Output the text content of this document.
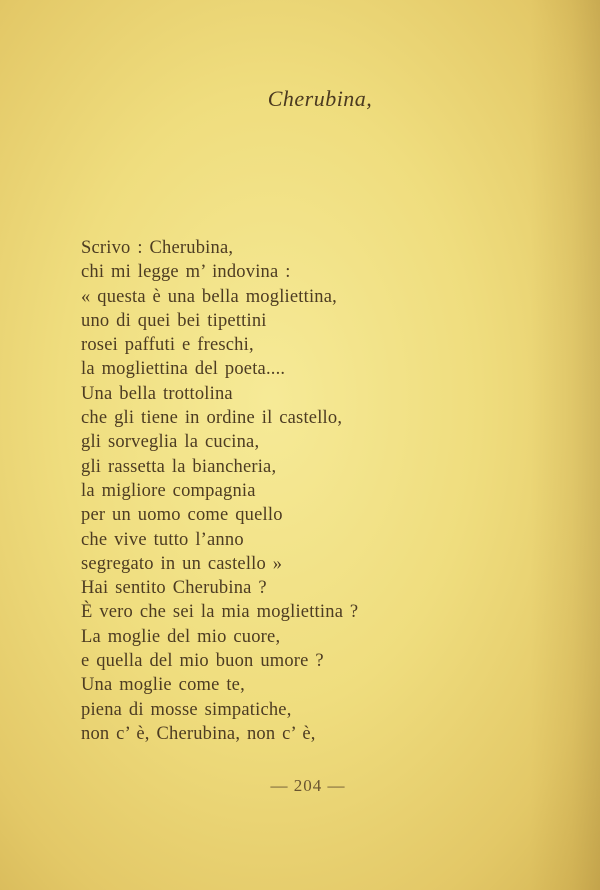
Cherubina,
Scrivo : Cherubina,
chi mi legge m’ indovina :
« questa è una bella mogliettina,
uno di quei bei tipettini
rosei paffuti e freschi,
la mogliettina del poeta....
Una bella trottolina
che gli tiene in ordine il castello,
gli sorveglia la cucina,
gli rassetta la biancheria,
la migliore compagnia
per un uomo come quello
che vive tutto l’anno
segregato in un castello »
Hai sentito Cherubina ?
È vero che sei la mia mogliettina ?
La moglie del mio cuore,
e quella del mio buon umore ?
Una moglie come te,
piena di mosse simpatiche,
non c’ è, Cherubina, non c’ è,
— 204 —
